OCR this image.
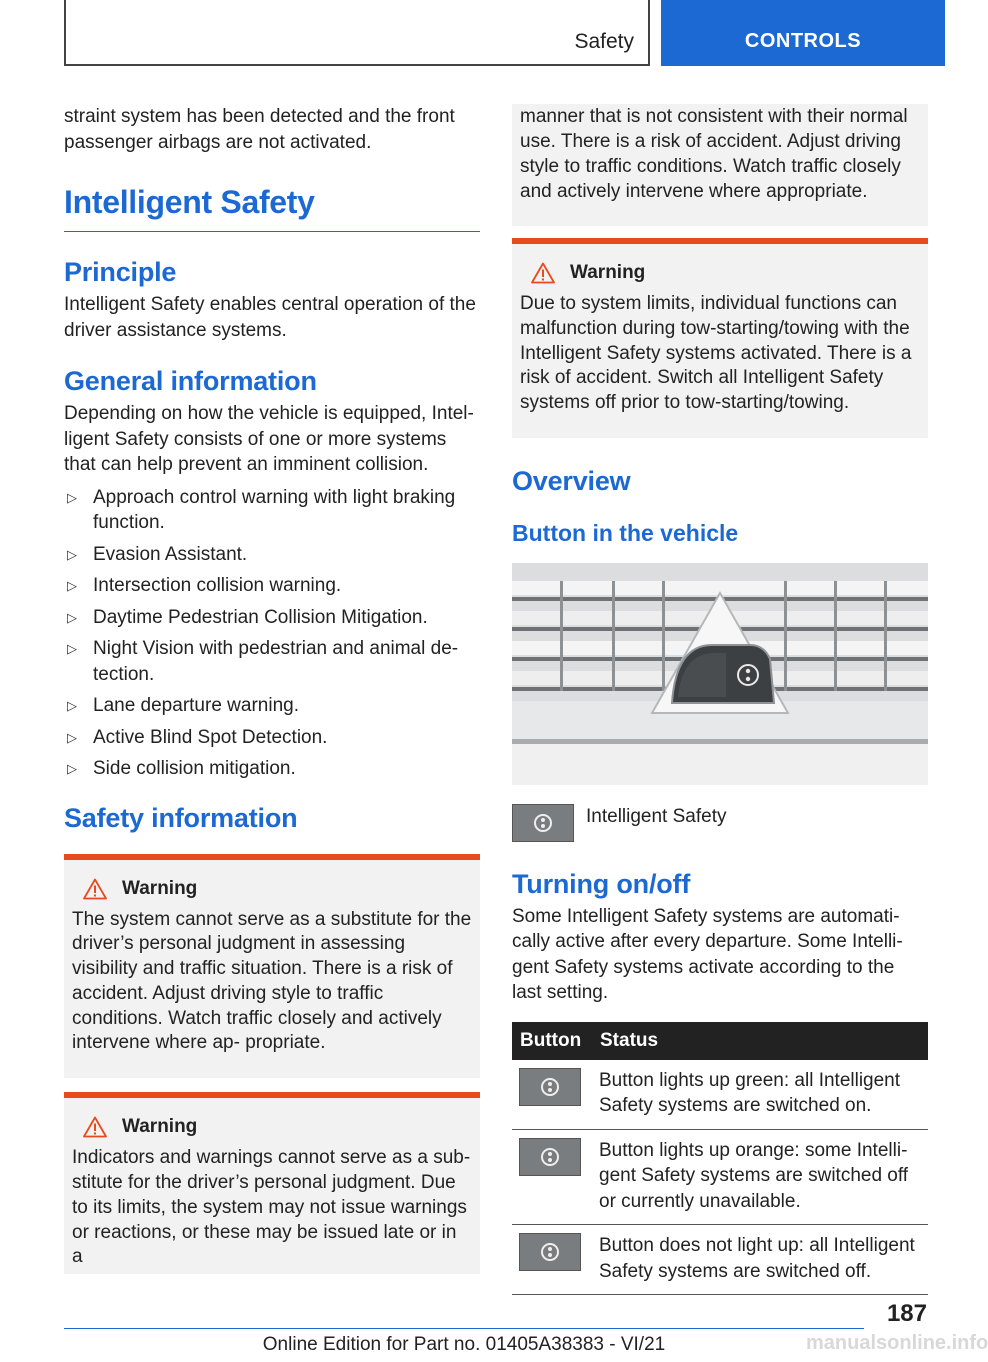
Safety	CONTROLS

straint system has been detected and the front passenger airbags are not activated.

Intelligent Safety
Principle

Intelligent Safety enables central operation of the driver assistance systems.

General information

Depending on how the vehicle is equipped, Intel‐ ligent Safety consists of one or more systems that can help prevent an imminent collision.

▷ Approach control warning with light braking function.
▷ Evasion Assistant.
▷ Intersection collision warning.
▷ Daytime Pedestrian Collision Mitigation.
▷ Night Vision with pedestrian and animal de‐ tection.
▷ Lane departure warning.
▷ Active Blind Spot Detection.
▷ Side collision mitigation.
Safety information
Warning

The system cannot serve as a substitute for the driver’s personal judgment in assessing visibility and traffic situation. There is a risk of accident. Adjust driving style to traffic conditions. Watch traffic closely and actively intervene where ap‐ propriate.

Warning

Indicators and warnings cannot serve as a sub‐ stitute for the driver’s personal judgment. Due to its limits, the system may not issue warnings or reactions, or these may be issued late or in a

manner that is not consistent with their normal use. There is a risk of accident. Adjust driving style to traffic conditions. Watch traffic closely and actively intervene where appropriate.

Warning

Due to system limits, individual functions can malfunction during tow-starting/towing with the Intelligent Safety systems activated. There is a risk of accident. Switch all Intelligent Safety systems off prior to tow-starting/towing.

Overview
Button in the vehicle
Intelligent Safety
Turning on/off

Some Intelligent Safety systems are automati‐ cally active after every departure. Some Intelli‐ gent Safety systems activate according to the last setting.

Button	Status

	Button lights up green: all Intelligent Safety systems are switched on.

	Button lights up orange: some Intelli‐ gent Safety systems are switched off or currently unavailable.

	Button does not light up: all Intelligent Safety systems are switched off.
187
Online Edition for Part no. 01405A38383 - VI/21	manualsonline.info
